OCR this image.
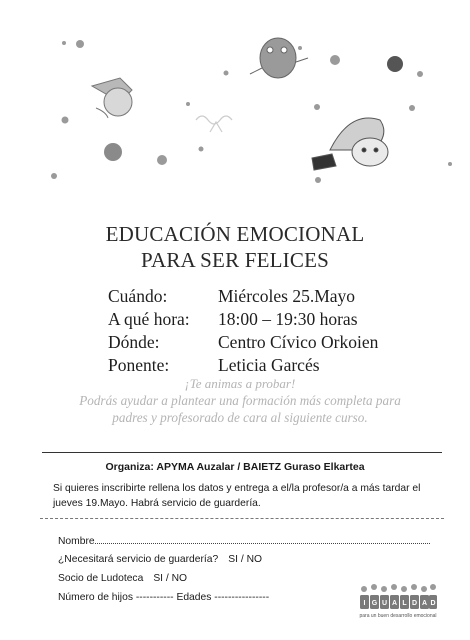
EDUCACIÓN EMOCIONAL
PARA SER FELICES
Cuándo:	Miércoles 25.Mayo
A qué hora: 18:00 – 19:30 horas
Dónde:	Centro Cívico Orkoien
Ponente:	Leticia Garcés
¡Te animas a probar!
Podrás ayudar a plantear una formación más completa para padres y profesorado de cara al siguiente curso.
Organiza: APYMA Auzalar / BAIETZ Guraso Elkartea
Si quieres inscribirte rellena los datos y entrega a el/la profesor/a a más tardar el jueves 19.Mayo. Habrá servicio de guardería.
Nombre
¿Necesitará servicio de guardería? SI / NO
Socio de Ludoteca SI / NO
Número de hijos ----------- Edades ----------------
I G U A L D A D
para un buen desarrollo emocional
